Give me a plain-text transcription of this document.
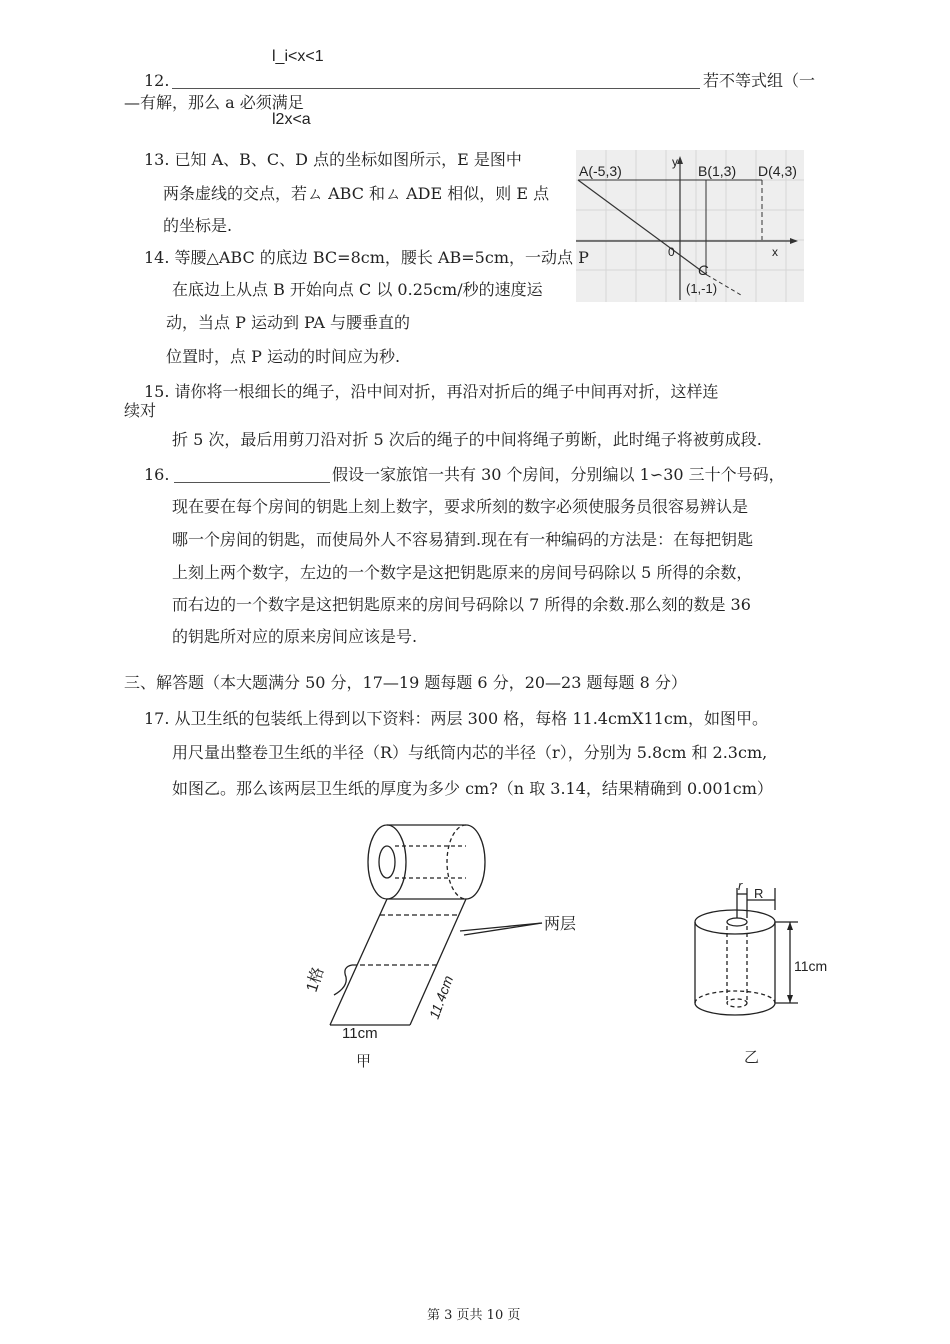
l_i<x<1
12.	若不等式组（一
—有解，那么 a 必须满足
l2x<a
13. 已知 A、B、C、D 点的坐标如图所示，E 是图中
两条虚线的交点，若ㄙ ABC 和ㄙ ADE 相似，则 E 点
的坐标是.
A(-5,3)	B(1,3) D(4,3)
y
x
0
C
(1,-1)
14. 等腰△ABC 的底边 BC=8cm，腰长 AB=5cm，一动点 P
在底边上从点 B 开始向点 C 以 0.25cm/秒的速度运
动，当点 P 运动到 PA 与腰垂直的
位置时，点 P 运动的时间应为秒.
15. 请你将一根细长的绳子，沿中间对折，再沿对折后的绳子中间再对折，这样连
续对
折 5 次，最后用剪刀沿对折 5 次后的绳子的中间将绳子剪断，此时绳子将被剪成段.
16.	假设一家旅馆一共有 30 个房间，分别编以 1∽30 三十个号码，
现在要在每个房间的钥匙上刻上数字，要求所刻的数字必须使服务员很容易辨认是
哪一个房间的钥匙，而使局外人不容易猜到.现在有一种编码的方法是：在每把钥匙
上刻上两个数字，左边的一个数字是这把钥匙原来的房间号码除以 5 所得的余数，
而右边的一个数字是这把钥匙原来的房间号码除以 7 所得的余数.那么刻的数是 36
的钥匙所对应的原来房间应该是号.
三、解答题（本大题满分 50 分，17—19 题每题 6 分，20—23 题每题 8 分）
17. 从卫生纸的包装纸上得到以下资料：两层 300 格，每格 11.4cmX11cm，如图甲。
用尺量出整卷卫生纸的半径（R）与纸筒内芯的半径（r），分别为 5.8cm 和 2.3cm,
如图乙。那么该两层卫生纸的厚度为多少 cm?（n 取 3.14，结果精确到 0.001cm）
两层
1格	11.4cm
11cm
甲
r
R
11cm
乙
第 3 页共 10 页
